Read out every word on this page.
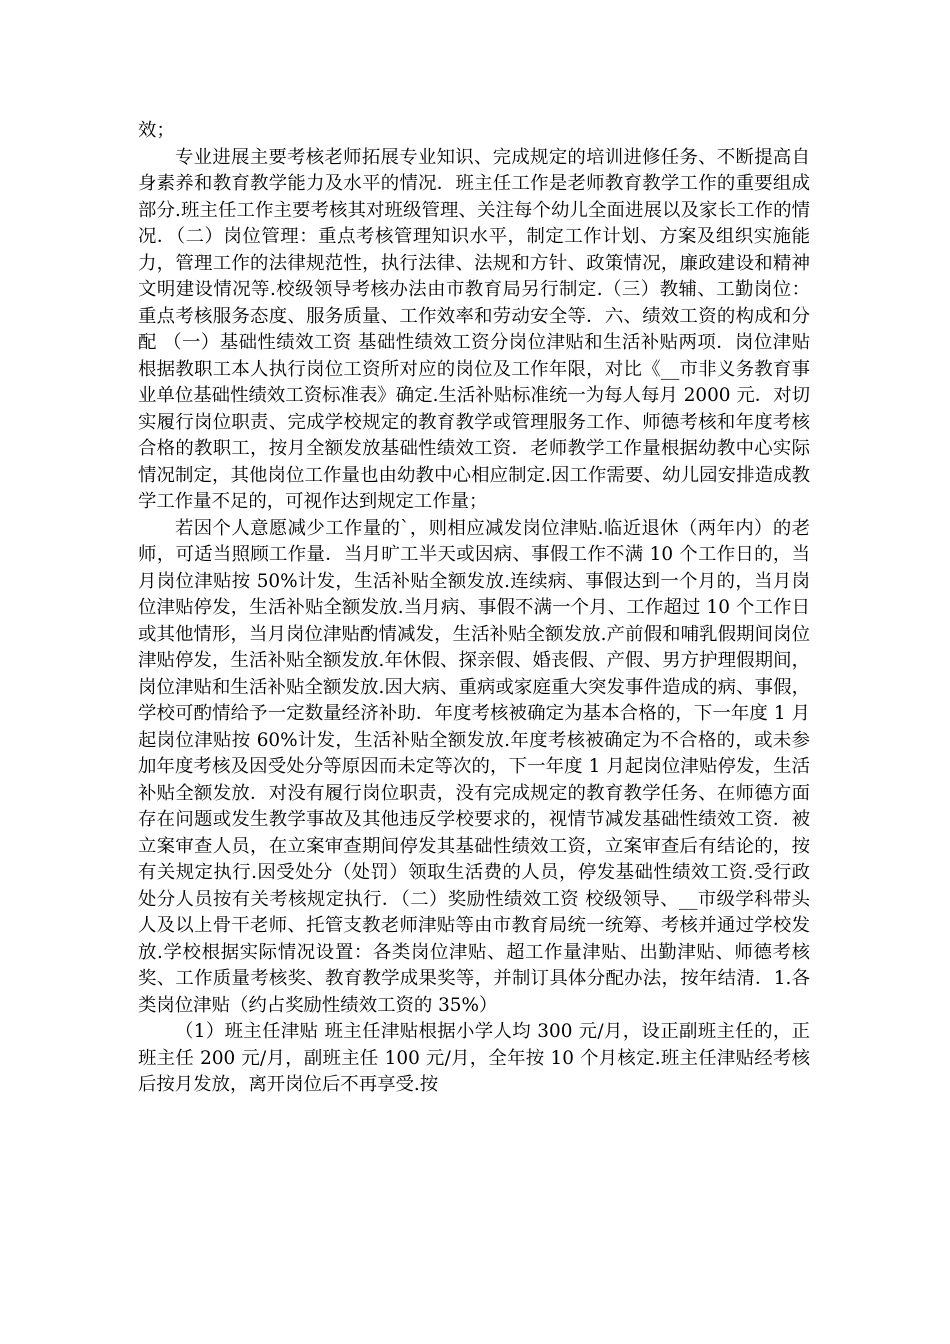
效；

专业进展主要考核老师拓展专业知识、完成规定的培训进修任务、不断提高自身素养和教育教学能力及水平的情况．班主任工作是老师教育教学工作的重要组成部分.班主任工作主要考核其对班级管理、关注每个幼儿全面进展以及家长工作的情况．（二）岗位管理：重点考核管理知识水平，制定工作计划、方案及组织实施能力，管理工作的法律规范性，执行法律、法规和方针、政策情况，廉政建设和精神文明建设情况等.校级领导考核办法由市教育局另行制定.（三）教辅、工勤岗位：重点考核服务态度、服务质量、工作效率和劳动安全等．六、绩效工资的构成和分配 （一）基础性绩效工资 基础性绩效工资分岗位津贴和生活补贴两项．岗位津贴根据教职工本人执行岗位工资所对应的岗位及工作年限，对比《__市非义务教育事业单位基础性绩效工资标准表》确定.生活补贴标准统一为每人每月 2000 元．对切实履行岗位职责、完成学校规定的教育教学或管理服务工作、师德考核和年度考核合格的教职工，按月全额发放基础性绩效工资．老师教学工作量根据幼教中心实际情况制定，其他岗位工作量也由幼教中心相应制定.因工作需要、幼儿园安排造成教学工作量不足的，可视作达到规定工作量；

若因个人意愿减少工作量的`，则相应减发岗位津贴.临近退休（两年内）的老师，可适当照顾工作量．当月旷工半天或因病、事假工作不满 10 个工作日的，当月岗位津贴按 50%计发，生活补贴全额发放.连续病、事假达到一个月的，当月岗位津贴停发，生活补贴全额发放.当月病、事假不满一个月、工作超过 10 个工作日或其他情形，当月岗位津贴酌情减发，生活补贴全额发放.产前假和哺乳假期间岗位津贴停发，生活补贴全额发放.年休假、探亲假、婚丧假、产假、男方护理假期间，岗位津贴和生活补贴全额发放.因大病、重病或家庭重大突发事件造成的病、事假，学校可酌情给予一定数量经济补助．年度考核被确定为基本合格的，下一年度 1 月起岗位津贴按 60%计发，生活补贴全额发放.年度考核被确定为不合格的，或未参加年度考核及因受处分等原因而未定等次的，下一年度 1 月起岗位津贴停发，生活补贴全额发放．对没有履行岗位职责，没有完成规定的教育教学任务、在师德方面存在问题或发生教学事故及其他违反学校要求的，视情节减发基础性绩效工资．被立案审查人员，在立案审查期间停发其基础性绩效工资，立案审查后有结论的，按有关规定执行.因受处分（处罚）领取生活费的人员，停发基础性绩效工资.受行政处分人员按有关考核规定执行．（二）奖励性绩效工资 校级领导、__市级学科带头人及以上骨干老师、托管支教老师津贴等由市教育局统一统筹、考核并通过学校发放.学校根据实际情况设置：各类岗位津贴、超工作量津贴、出勤津贴、师德考核奖、工作质量考核奖、教育教学成果奖等，并制订具体分配办法，按年结清．1.各类岗位津贴（约占奖励性绩效工资的 35%）

（1）班主任津贴 班主任津贴根据小学人均 300 元/月，设正副班主任的，正班主任 200 元/月，副班主任 100 元/月，全年按 10 个月核定.班主任津贴经考核后按月发放，离开岗位后不再享受.按
